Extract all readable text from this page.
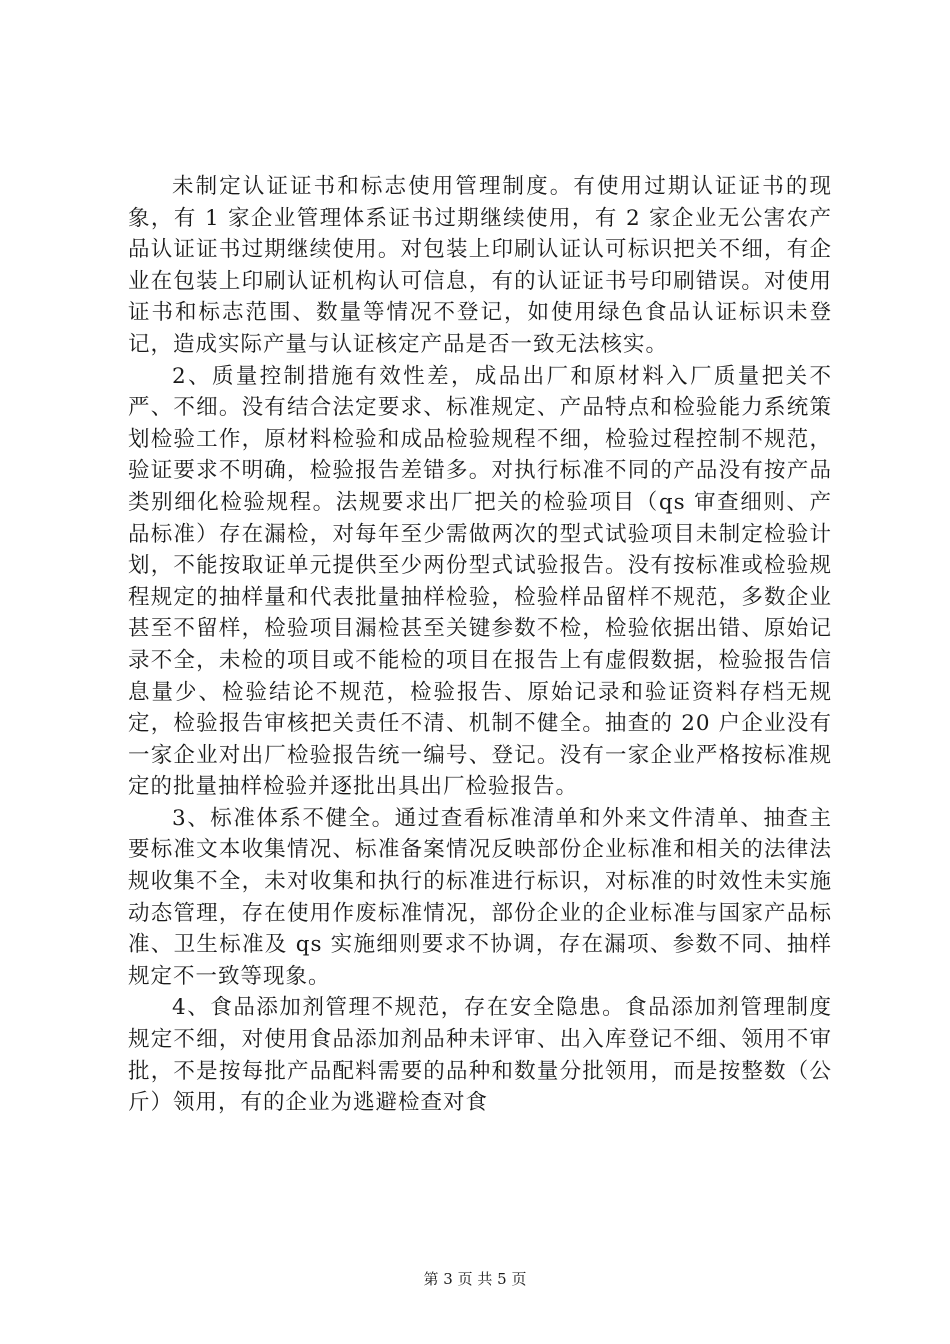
未制定认证证书和标志使用管理制度。有使用过期认证证书的现象，有 1 家企业管理体系证书过期继续使用，有 2 家企业无公害农产品认证证书过期继续使用。对包装上印刷认证认可标识把关不细，有企业在包装上印刷认证机构认可信息，有的认证证书号印刷错误。对使用证书和标志范围、数量等情况不登记，如使用绿色食品认证标识未登记，造成实际产量与认证核定产品是否一致无法核实。

2、质量控制措施有效性差，成品出厂和原材料入厂质量把关不严、不细。没有结合法定要求、标准规定、产品特点和检验能力系统策划检验工作，原材料检验和成品检验规程不细，检验过程控制不规范，验证要求不明确，检验报告差错多。对执行标准不同的产品没有按产品类别细化检验规程。法规要求出厂把关的检验项目（qs 审查细则、产品标准）存在漏检，对每年至少需做两次的型式试验项目未制定检验计划，不能按取证单元提供至少两份型式试验报告。没有按标准或检验规程规定的抽样量和代表批量抽样检验，检验样品留样不规范，多数企业甚至不留样，检验项目漏检甚至关键参数不检，检验依据出错、原始记录不全，未检的项目或不能检的项目在报告上有虚假数据，检验报告信息量少、检验结论不规范，检验报告、原始记录和验证资料存档无规定，检验报告审核把关责任不清、机制不健全。抽查的 20 户企业没有一家企业对出厂检验报告统一编号、登记。没有一家企业严格按标准规定的批量抽样检验并逐批出具出厂检验报告。

3、标准体系不健全。通过查看标准清单和外来文件清单、抽查主要标准文本收集情况、标准备案情况反映部份企业标准和相关的法律法规收集不全，未对收集和执行的标准进行标识，对标准的时效性未实施动态管理，存在使用作废标准情况，部份企业的企业标准与国家产品标准、卫生标准及 qs 实施细则要求不协调，存在漏项、参数不同、抽样规定不一致等现象。

4、食品添加剂管理不规范，存在安全隐患。食品添加剂管理制度规定不细，对使用食品添加剂品种未评审、出入库登记不细、领用不审批，不是按每批产品配料需要的品种和数量分批领用，而是按整数（公斤）领用，有的企业为逃避检查对食

第 3 页 共 5 页
